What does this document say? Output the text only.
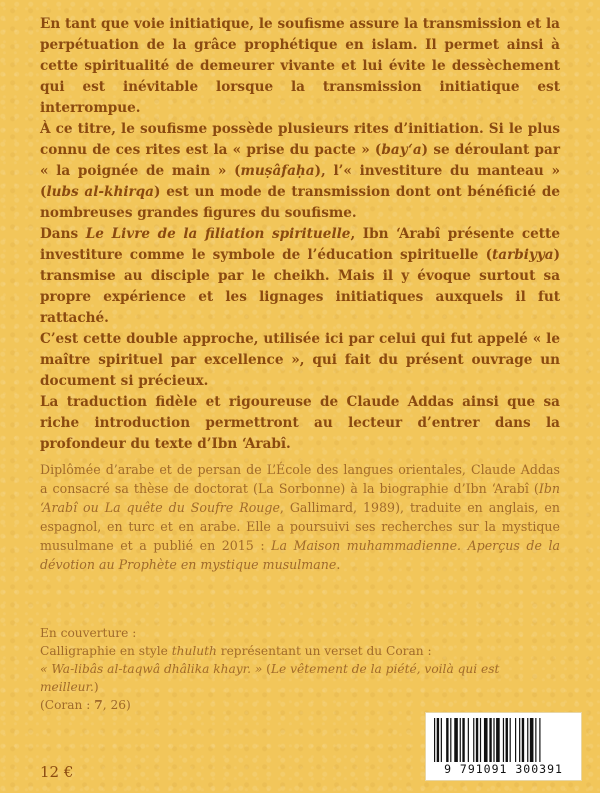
En tant que voie initiatique, le soufisme assure la transmission et la perpétuation de la grâce prophétique en islam. Il permet ainsi à cette spiritualité de demeurer vivante et lui évite le dessèchement qui est inévitable lorsque la transmission initiatique est interrompue.

À ce titre, le soufisme possède plusieurs rites d’initiation. Si le plus connu de ces rites est la « prise du pacte » (bay‘a) se déroulant par « la poignée de main » (muṣâfaḥa), l’« investiture du manteau » (lubs al-khirqa) est un mode de transmission dont ont bénéficié de nombreuses grandes figures du soufisme.

Dans Le Livre de la filiation spirituelle, Ibn ‘Arabî présente cette investiture comme le symbole de l’éducation spirituelle (tarbiyya) transmise au disciple par le cheikh. Mais il y évoque surtout sa propre expérience et les lignages initiatiques auxquels il fut rattaché.

C’est cette double approche, utilisée ici par celui qui fut appelé « le maître spirituel par excellence », qui fait du présent ouvrage un document si précieux.

La traduction fidèle et rigoureuse de Claude Addas ainsi que sa riche introduction permettront au lecteur d’entrer dans la profondeur du texte d’Ibn ‘Arabî.

Diplômée d’arabe et de persan de L’École des langues orientales, Claude Addas a consacré sa thèse de doctorat (La Sorbonne) à la biographie d’Ibn ‘Arabî (Ibn ‘Arabî ou La quête du Soufre Rouge, Gallimard, 1989), traduite en anglais, en espagnol, en turc et en arabe. Elle a poursuivi ses recherches sur la mystique musulmane et a publié en 2015 : La Maison muhammadienne. Aperçus de la dévotion au Prophète en mystique musulmane.

En couverture :

Calligraphie en style thuluth représentant un verset du Coran :

« Wa-libâs al-taqwâ dhâlika khayr. » (Le vêtement de la piété, voilà qui est meilleur.)

(Coran : 7, 26)

12 €	9 791091 300391
